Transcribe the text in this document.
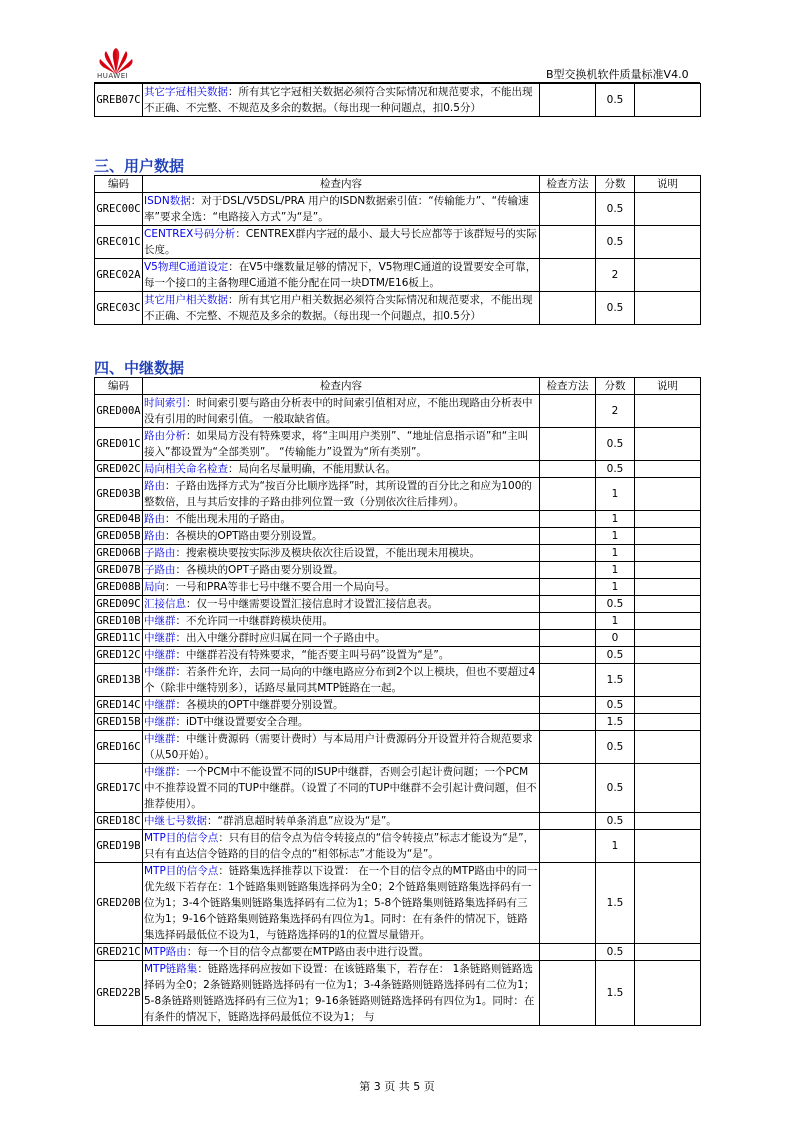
HUAWEI	B型交换机软件质量标准V4.0
GREB07C	其它字冠相关数据：所有其它字冠相关数据必须符合实际情况和规范要求，不能出现不正确、不完整、不规范及多余的数据。（每出现一种问题点，扣0.5分）		0.5	
三、用户数据
编码	检查内容	检查方法	分数	说明
GREC00C	ISDN数据：对于DSL/V5DSL/PRA 用户的ISDN数据索引值：“传输能力”、“传输速率”要求全选：“电路接入方式”为“是”。		0.5	
GREC01C	CENTREX号码分析：CENTREX群内字冠的最小、最大号长应都等于该群短号的实际长度。		0.5	
GREC02A	V5物理C通道设定：在V5中继数量足够的情况下，V5物理C通道的设置要安全可靠，每一个接口的主备物理C通道不能分配在同一块DTM/E16板上。		2	
GREC03C	其它用户相关数据：所有其它用户相关数据必须符合实际情况和规范要求，不能出现不正确、不完整、不规范及多余的数据。（每出现一个问题点，扣0.5分）		0.5	
四、中继数据
编码	检查内容	检查方法	分数	说明
GRED00A	时间索引：时间索引要与路由分析表中的时间索引值相对应，不能出现路由分析表中没有引用的时间索引值。 一般取缺省值。		2	
GRED01C	路由分析：如果局方没有特殊要求，将“主叫用户类别”、“地址信息指示语”和“主叫接入”都设置为“全部类别”。 “传输能力”设置为“所有类别”。		0.5	
GRED02C	局向相关命名检查：局向名尽量明确，不能用默认名。		0.5	
GRED03B	路由：子路由选择方式为“按百分比顺序选择”时，其所设置的百分比之和应为100的整数倍，且与其后安排的子路由排列位置一致（分别依次往后排列）。		1	
GRED04B	路由：不能出现未用的子路由。		1	
GRED05B	路由：各模块的OPT路由要分别设置。		1	
GRED06B	子路由：搜索模块要按实际涉及模块依次往后设置，不能出现未用模块。		1	
GRED07B	子路由：各模块的OPT子路由要分别设置。		1	
GRED08B	局向：一号和PRA等非七号中继不要合用一个局向号。		1	
GRED09C	汇接信息：仅一号中继需要设置汇接信息时才设置汇接信息表。		0.5	
GRED10B	中继群：不允许同一中继群跨模块使用。		1	
GRED11C	中继群：出入中继分群时应归属在同一个子路由中。		0	
GRED12C	中继群：中继群若没有特殊要求，“能否要主叫号码”设置为“是”。		0.5	
GRED13B	中继群：若条件允许，去同一局向的中继电路应分布到2个以上模块，但也不要超过4个（除非中继特别多），话路尽量同其MTP链路在一起。		1.5	
GRED14C	中继群：各模块的OPT中继群要分别设置。		0.5	
GRED15B	中继群：iDT中继设置要安全合理。		1.5	
GRED16C	中继群：中继计费源码（需要计费时）与本局用户计费源码分开设置并符合规范要求（从50开始）。		0.5	
GRED17C	中继群：一个PCM中不能设置不同的ISUP中继群，否则会引起计费问题；一个PCM中不推荐设置不同的TUP中继群。（设置了不同的TUP中继群不会引起计费问题，但不推荐使用）。		0.5	
GRED18C	中继七号数据：“群消息超时转单条消息”应设为“是”。		0.5	
GRED19B	MTP目的信令点：只有目的信令点为信令转接点的“信令转接点”标志才能设为“是”，只有有直达信令链路的目的信令点的“相邻标志”才能设为“是”。		1	
GRED20B	MTP目的信令点：链路集选择推荐以下设置： 在一个目的信令点的MTP路由中的同一优先级下若存在：1个链路集则链路集选择码为全0；2个链路集则链路集选择码有一位为1；3-4个链路集则链路集选择码有二位为1；5-8个链路集则链路集选择码有三位为1；9-16个链路集则链路集选择码有四位为1。同时：在有条件的情况下，链路集选择码最低位不设为1，与链路选择码的1的位置尽量错开。		1.5	
GRED21C	MTP路由：每一个目的信令点都要在MTP路由表中进行设置。		0.5	
GRED22B	MTP链路集：链路选择码应按如下设置：在该链路集下，若存在： 1条链路则链路选择码为全0；2条链路则链路选择码有一位为1；3-4条链路则链路选择码有二位为1；5-8条链路则链路选择码有三位为1；9-16条链路则链路选择码有四位为1。同时：在有条件的情况下，链路选择码最低位不设为1； 与		1.5	
第 3 页 共 5 页
